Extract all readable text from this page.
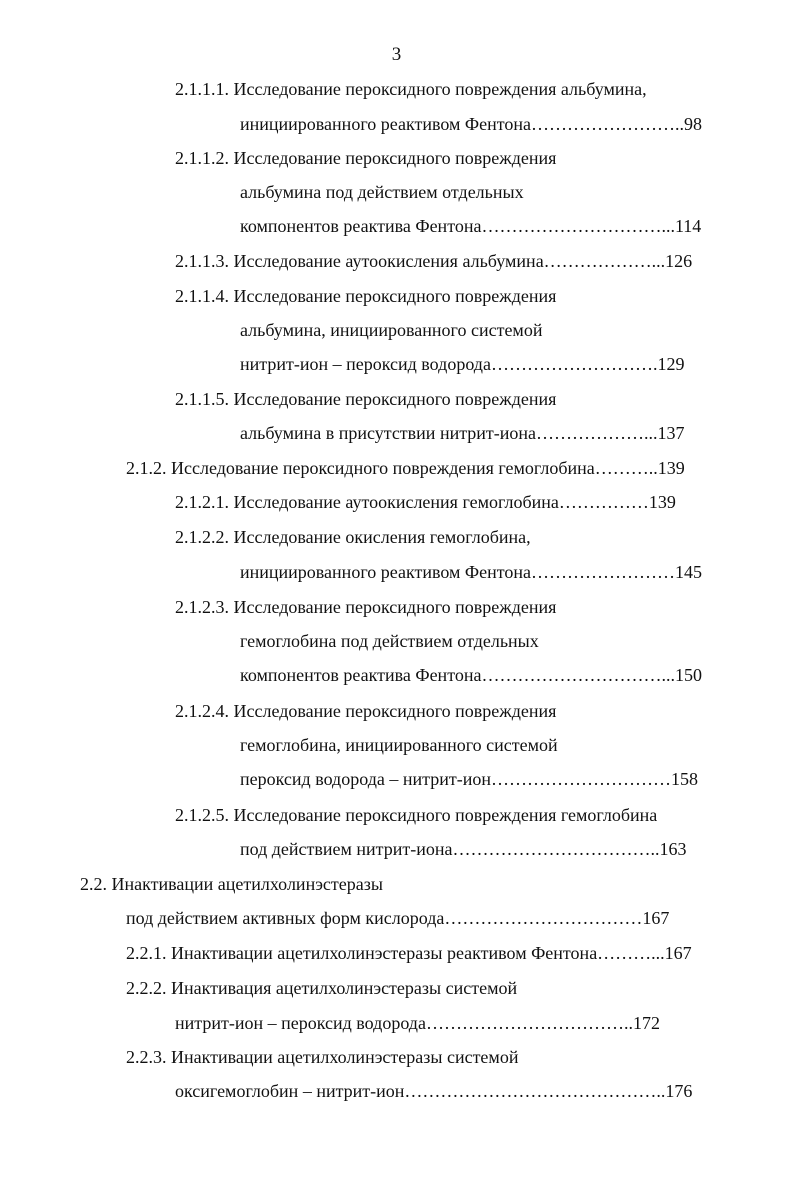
3
2.1.1.1. Исследование пероксидного повреждения альбумина,
инициированного реактивом Фентона……………………..98
2.1.1.2. Исследование пероксидного повреждения
альбумина под действием отдельных
компонентов реактива Фентона…………………………...114
2.1.1.3. Исследование аутоокисления альбумина………………...126
2.1.1.4. Исследование пероксидного повреждения
альбумина, инициированного системой
нитрит-ион – пероксид водорода……………………….129
2.1.1.5. Исследование пероксидного повреждения
альбумина в присутствии нитрит-иона………………...137
2.1.2. Исследование пероксидного повреждения гемоглобина………..139
2.1.2.1. Исследование аутоокисления гемоглобина……………139
2.1.2.2. Исследование окисления гемоглобина,
инициированного реактивом Фентона……………………145
2.1.2.3. Исследование пероксидного повреждения
гемоглобина под действием отдельных
компонентов реактива Фентона…………………………...150
2.1.2.4. Исследование пероксидного повреждения
гемоглобина, инициированного системой
пероксид водорода – нитрит-ион…………………………158
2.1.2.5. Исследование пероксидного повреждения гемоглобина
под действием нитрит-иона……………………………..163
2.2. Инактивации ацетилхолинэстеразы
под действием активных форм кислорода……………………………167
2.2.1. Инактивации ацетилхолинэстеразы реактивом Фентона………...167
2.2.2. Инактивация ацетилхолинэстеразы системой
нитрит-ион – пероксид водорода……………………………..172
2.2.3. Инактивации ацетилхолинэстеразы системой
оксигемоглобин – нитрит-ион……………………………………..176
